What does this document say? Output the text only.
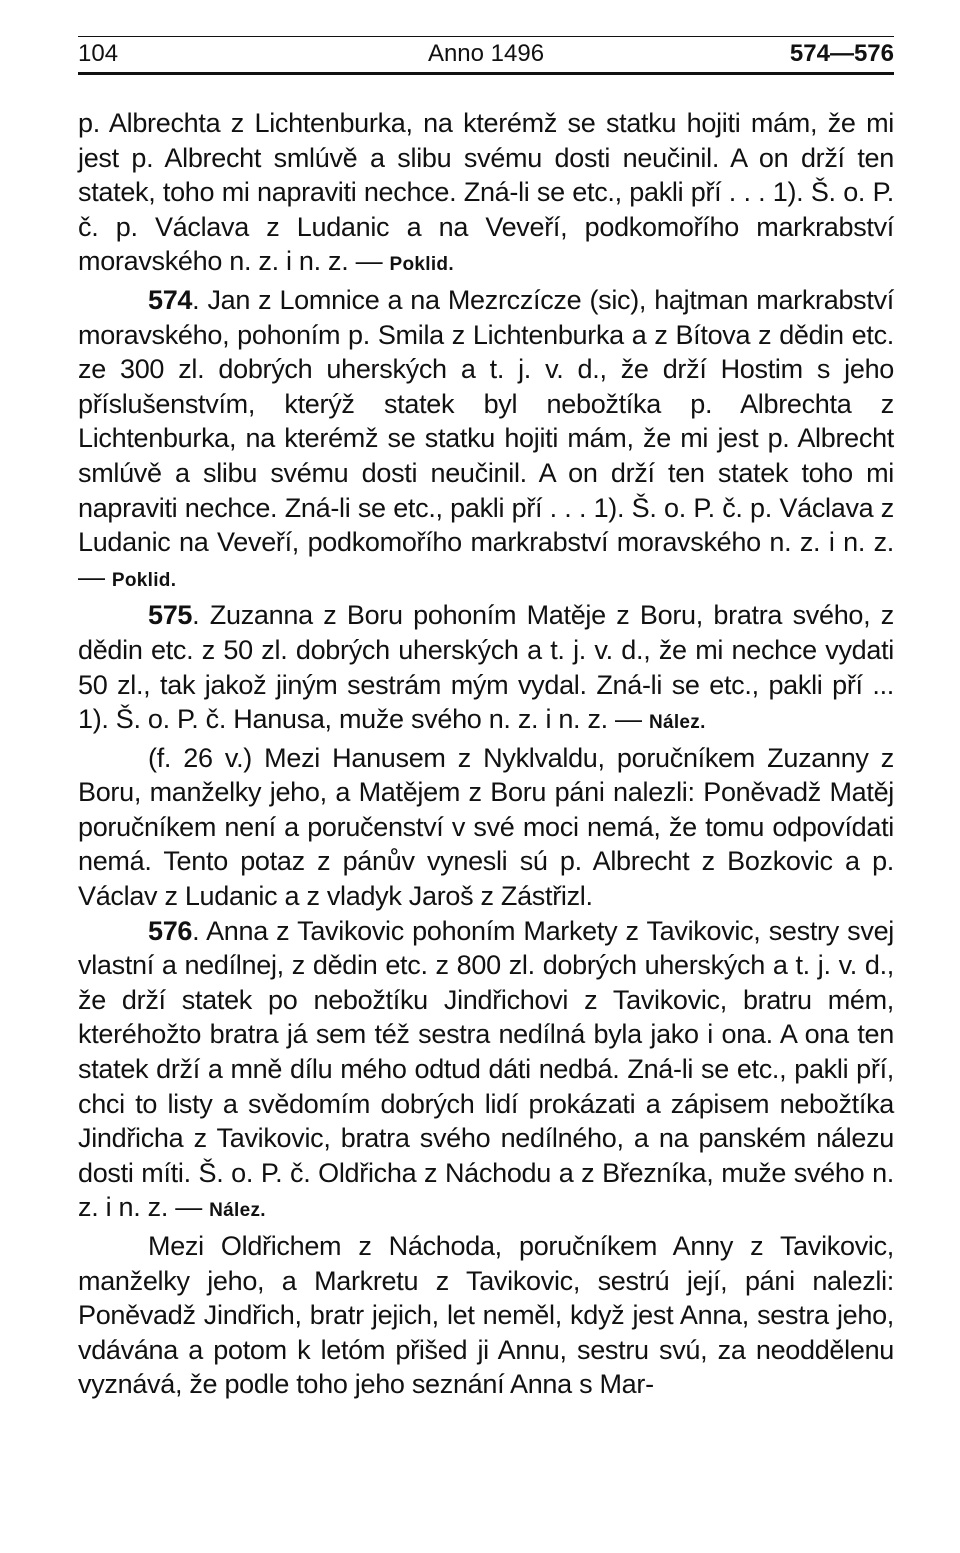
104	Anno 1496	574—576

p. Albrechta z Lichtenburka, na kterémž se statku hojiti mám, že mi jest p. Albrecht smlúvě a slibu svému dosti neučinil. A on drží ten statek, toho mi napraviti nechce. Zná-li se etc., pakli pří . . . 1). Š. o. P. č. p. Václava z Ludanic a na Veveří, podkomořího markrabství moravského n. z. i n. z. — Poklid.

574. Jan z Lomnice a na Mezrczícze (sic), hajtman markrabství moravského, pohoním p. Smila z Lichtenburka a z Bítova z dědin etc. ze 300 zl. dobrých uherských a t. j. v. d., že drží Hostim s jeho příslušenstvím, kterýž statek byl nebožtíka p. Albrechta z Lichtenburka, na kterémž se statku hojiti mám, že mi jest p. Albrecht smlúvě a slibu svému dosti neučinil. A on drží ten statek toho mi napraviti nechce. Zná-li se etc., pakli pří . . . 1). Š. o. P. č. p. Václava z Ludanic na Veveří, podkomořího markrabství moravského n. z. i n. z. — Poklid.

575. Zuzanna z Boru pohoním Matěje z Boru, bratra svého, z dědin etc. z 50 zl. dobrých uherských a t. j. v. d., že mi nechce vydati 50 zl., tak jakož jiným sestrám mým vydal. Zná-li se etc., pakli pří ... 1). Š. o. P. č. Hanusa, muže svého n. z. i n. z. — Nález.

(f. 26 v.) Mezi Hanusem z Nyklvaldu, poručníkem Zuzanny z Boru, manželky jeho, a Matějem z Boru páni nalezli: Poněvadž Matěj poručníkem není a poručenství v své moci nemá, že tomu odpovídati nemá. Tento potaz z pánův vynesli sú p. Albrecht z Bozkovic a p. Václav z Ludanic a z vladyk Jaroš z Zástřizl.

576. Anna z Tavikovic pohoním Markety z Tavikovic, sestry svej vlastní a nedílnej, z dědin etc. z 800 zl. dobrých uherských a t. j. v. d., že drží statek po nebožtíku Jindřichovi z Tavikovic, bratru mém, kteréhožto bratra já sem též sestra nedílná byla jako i ona. A ona ten statek drží a mně dílu mého odtud dáti nedbá. Zná-li se etc., pakli pří, chci to listy a svědomím dobrých lidí prokázati a zápisem nebožtíka Jindřicha z Tavikovic, bratra svého nedílného, a na panském nálezu dosti míti. Š. o. P. č. Oldřicha z Náchodu a z Březníka, muže svého n. z. i n. z. — Nález.

Mezi Oldřichem z Náchoda, poručníkem Anny z Tavikovic, manželky jeho, a Markretu z Tavikovic, sestrú její, páni nalezli: Poněvadž Jindřich, bratr jejich, let neměl, když jest Anna, sestra jeho, vdávána a potom k letóm přišed ji Annu, sestru svú, za neoddělenu vyznává, že podle toho jeho seznání Anna s Mar-
